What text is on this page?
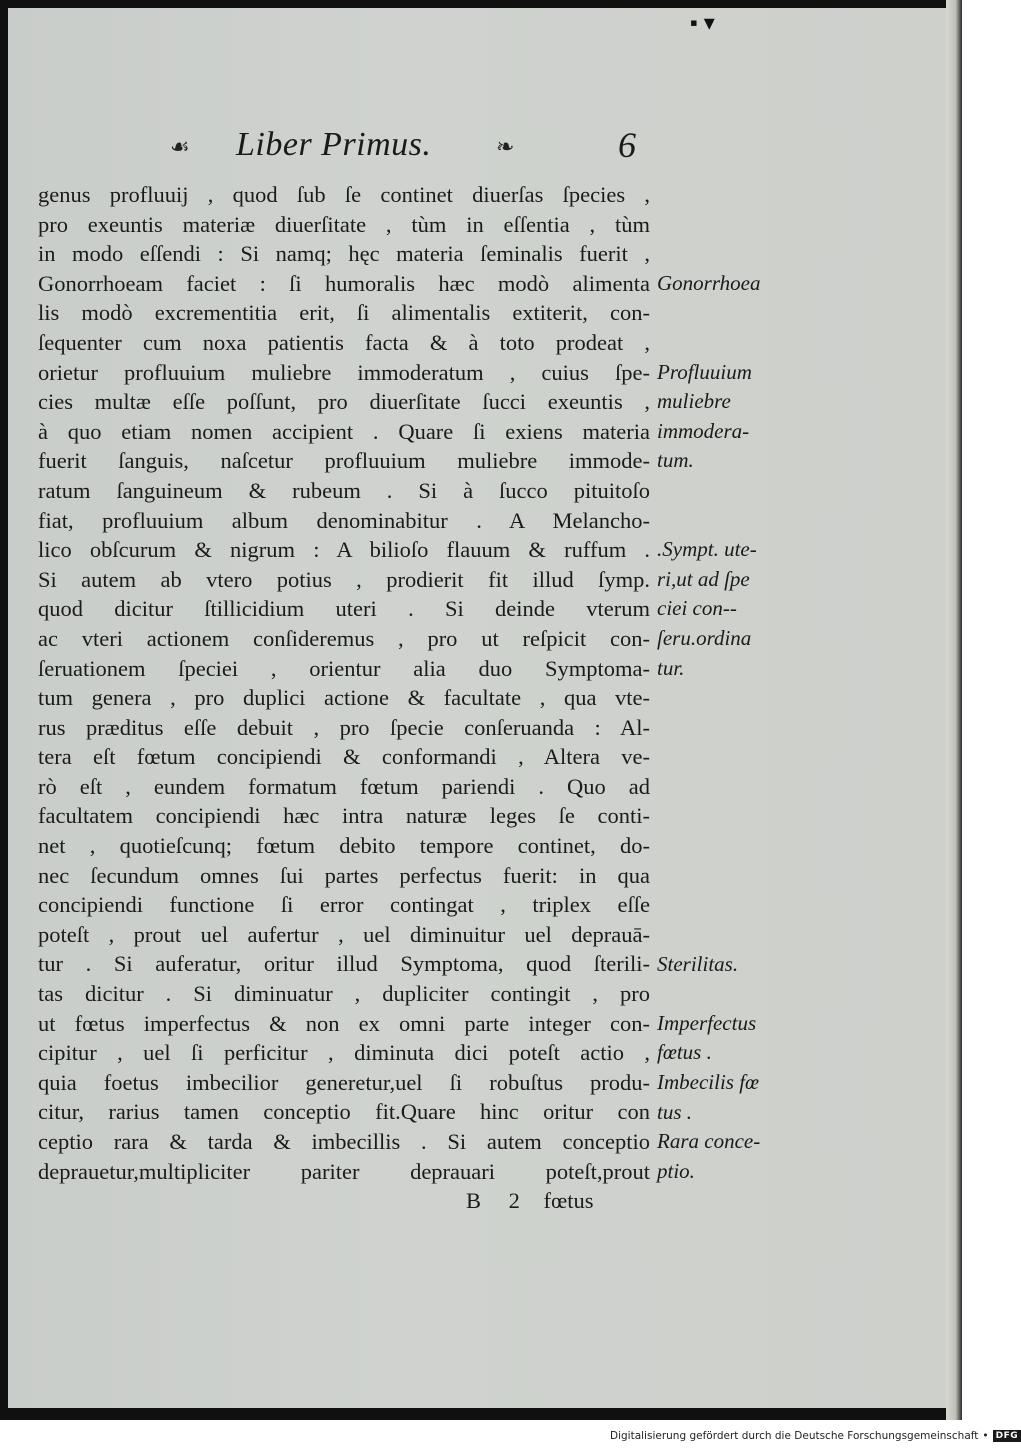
▪▾
☙ Liber Primus.	❧	6
genus profluuij , quod ſub ſe continet diuerſas ſpecies ,
pro exeuntis materiæ diuerſitate , tùm in eſſentia , tùm
in modo eſſendi : Si namq; hęc materia ſeminalis fuerit ,
Gonorrhoeam faciet : ſi humoralis hæc modò alimenta
lis modò excrementitia erit, ſi alimentalis extiterit, con-
ſequenter cum noxa patientis facta & à toto prodeat ,
orietur profluuium muliebre immoderatum , cuius ſpe-
cies multæ eſſe poſſunt, pro diuerſitate ſucci exeuntis ,
à quo etiam nomen accipient . Quare ſi exiens materia
fuerit ſanguis, naſcetur profluuium muliebre immode-
ratum ſanguineum & rubeum . Si à ſucco pituitoſo
fiat, profluuium album denominabitur . A Melancho-
lico obſcurum & nigrum : A bilioſo flauum & ruffum .
Si autem ab vtero potius , prodierit fit illud ſymp.
quod dicitur ſtillicidium uteri . Si deinde vterum
ac vteri actionem conſideremus , pro ut reſpicit con-
ſeruationem ſpeciei , orientur alia duo Symptoma-
tum genera , pro duplici actione & facultate , qua vte-
rus præditus eſſe debuit , pro ſpecie conſeruanda : Al-
tera eſt fœtum concipiendi & conformandi , Altera ve-
rò eſt , eundem formatum fœtum pariendi . Quo ad
facultatem concipiendi hæc intra naturæ leges ſe conti-
net , quotieſcunq; fœtum debito tempore continet, do-
nec ſecundum omnes ſui partes perfectus fuerit: in qua
concipiendi functione ſi error contingat , triplex eſſe
poteſt , prout uel aufertur , uel diminuitur uel deprauā-
tur . Si auferatur, oritur illud Symptoma, quod ſterili-
tas dicitur . Si diminuatur , dupliciter contingit , pro
ut fœtus imperfectus & non ex omni parte integer con-
cipitur , uel ſi perficitur , diminuta dici poteſt actio ,
quia foetus imbecilior generetur,uel ſi robuſtus produ-
citur, rarius tamen conceptio fit.Quare hinc oritur con
ceptio rara & tarda & imbecillis . Si autem conceptio
deprauetur,multipliciter pariter deprauari poteſt,prout
Gonorrhoea
Profluuium
muliebre
immodera-
tum.
.Sympt. ute-
ri,ut ad ſpe
ciei con--
ſeru.ordina
tur.
Sterilitas.
Imperfectus
fœtus .
Imbecilis fœ
tus .
Rara conce-
ptio.
B 2 fœtus
Digitalisierung gefördert durch die Deutsche Forschungsgemeinschaft • DFG
